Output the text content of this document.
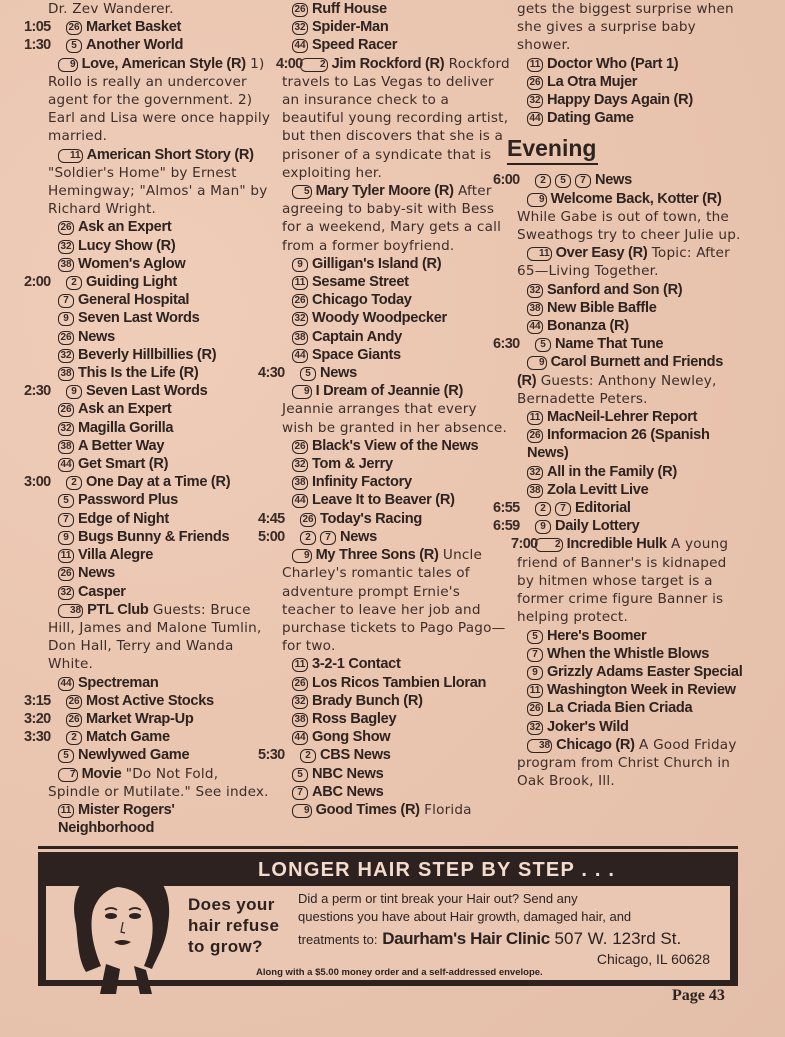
Dr. Zev Wanderer.
1:05 26 Market Basket
1:30 5 Another World
9 Love, American Style (R) 1) Rollo is really an undercover agent for the government. 2) Earl and Lisa were once happily married.
11 American Short Story (R) "Soldier's Home" by Ernest Hemingway; "Almos' a Man" by Richard Wright.
26 Ask an Expert
32 Lucy Show (R)
38 Women's Aglow
2:00 2 Guiding Light
7 General Hospital
9 Seven Last Words
26 News
32 Beverly Hillbillies (R)
38 This Is the Life (R)
2:30 9 Seven Last Words
26 Ask an Expert
32 Magilla Gorilla
38 A Better Way
44 Get Smart (R)
3:00 2 One Day at a Time (R)
5 Password Plus
7 Edge of Night
9 Bugs Bunny & Friends
11 Villa Alegre
26 News
32 Casper
38 PTL Club Guests: Bruce Hill, James and Malone Tumlin, Don Hall, Terry and Wanda White.
44 Spectreman
3:15 26 Most Active Stocks
3:20 26 Market Wrap-Up
3:30 2 Match Game
5 Newlywed Game
7 Movie "Do Not Fold, Spindle or Mutilate." See index.
11 Mister Rogers' Neighborhood
26 Ruff House
32 Spider-Man
44 Speed Racer
4:00 2 Jim Rockford (R) Rockford travels to Las Vegas to deliver an insurance check to a beautiful young recording artist, but then discovers that she is a prisoner of a syndicate that is exploiting her.
5 Mary Tyler Moore (R) After agreeing to baby-sit with Bess for a weekend, Mary gets a call from a former boyfriend.
9 Gilligan's Island (R)
11 Sesame Street
26 Chicago Today
32 Woody Woodpecker
38 Captain Andy
44 Space Giants
4:30 5 News
9 I Dream of Jeannie (R) Jeannie arranges that every wish be granted in her absence.
26 Black's View of the News
32 Tom & Jerry
38 Infinity Factory
44 Leave It to Beaver (R)
4:45 26 Today's Racing
5:00 2 7 News
9 My Three Sons (R) Uncle Charley's romantic tales of adventure prompt Ernie's teacher to leave her job and purchase tickets to Pago Pago—for two.
11 3-2-1 Contact
26 Los Ricos Tambien Lloran
32 Brady Bunch (R)
38 Ross Bagley
44 Gong Show
5:30 2 CBS News
5 NBC News
7 ABC News
9 Good Times (R) Florida
gets the biggest surprise when she gives a surprise baby shower.
11 Doctor Who (Part 1)
26 La Otra Mujer
32 Happy Days Again (R)
44 Dating Game
Evening
6:00 2 5 7 News
9 Welcome Back, Kotter (R) While Gabe is out of town, the Sweathogs try to cheer Julie up.
11 Over Easy (R) Topic: After 65—Living Together.
32 Sanford and Son (R)
38 New Bible Baffle
44 Bonanza (R)
6:30 5 Name That Tune
9 Carol Burnett and Friends (R) Guests: Anthony Newley, Bernadette Peters.
11 MacNeil-Lehrer Report
26 Informacion 26 (Spanish News)
32 All in the Family (R)
38 Zola Levitt Live
6:55 2 7 Editorial
6:59 9 Daily Lottery
7:00 2 Incredible Hulk A young friend of Banner's is kidnaped by hitmen whose target is a former crime figure Banner is helping protect.
5 Here's Boomer
7 When the Whistle Blows
9 Grizzly Adams Easter Special
11 Washington Week in Review
26 La Criada Bien Criada
32 Joker's Wild
38 Chicago (R) A Good Friday program from Christ Church in Oak Brook, Ill.
LONGER HAIR STEP BY STEP . . .
Does your hair refuse to grow?
Did a perm or tint break your Hair out? Send any
questions you have about Hair growth, damaged hair, and
treatments to: Daurham's Hair Clinic 507 W. 123rd St.
Chicago, IL 60628
Along with a $5.00 money order and a self-addressed envelope.
Page 43
